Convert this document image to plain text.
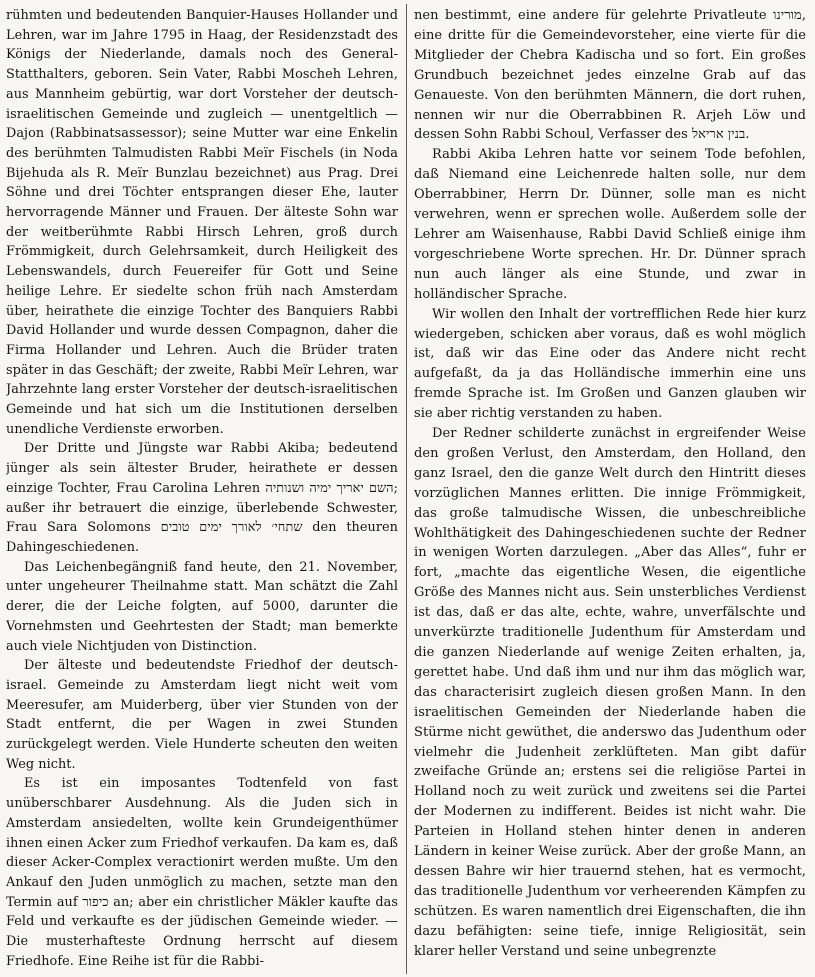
rühmten und bedeutenden Banquier-Hauses Hollander und Lehren, war im Jahre 1795 in Haag, der Residenzstadt des Königs der Niederlande, damals noch des General-Statthalters, geboren. Sein Vater, Rabbi Moscheh Lehren, aus Mannheim gebürtig, war dort Vorsteher der deutsch-israelitischen Gemeinde und zugleich — unentgeltlich — Dajon (Rabbinatsassessor); seine Mutter war eine Enkelin des berühmten Talmudisten Rabbi Meïr Fischels (in Noda Bijehuda als R. Meïr Bunzlau bezeichnet) aus Prag. Drei Söhne und drei Töchter entsprangen dieser Ehe, lauter hervorragende Männer und Frauen. Der älteste Sohn war der weitberühmte Rabbi Hirsch Lehren, groß durch Frömmigkeit, durch Gelehrsamkeit, durch Heiligkeit des Lebenswandels, durch Feuereifer für Gott und Seine heilige Lehre. Er siedelte schon früh nach Amsterdam über, heirathete die einzige Tochter des Banquiers Rabbi David Hollander und wurde dessen Compagnon, daher die Firma Hollander und Lehren. Auch die Brüder traten später in das Geschäft; der zweite, Rabbi Meïr Lehren, war Jahrzehnte lang erster Vorsteher der deutsch-israelitischen Gemeinde und hat sich um die Institutionen derselben unendliche Verdienste erworben.

Der Dritte und Jüngste war Rabbi Akiba; bedeutend jünger als sein ältester Bruder, heirathete er dessen einzige Tochter, Frau Carolina Lehren השם יאריך ימיה ושנותיה; außer ihr betrauert die einzige, überlebende Schwester, Frau Sara Solomons שתחי׳ לאורך ימים טובים den theuren Dahingeschiedenen.

Das Leichenbegängniß fand heute, den 21. November, unter ungeheurer Theilnahme statt. Man schätzt die Zahl derer, die der Leiche folgten, auf 5000, darunter die Vornehmsten und Geehrtesten der Stadt; man bemerkte auch viele Nichtjuden von Distinction.

Der älteste und bedeutendste Friedhof der deutsch-israel. Gemeinde zu Amsterdam liegt nicht weit vom Meeresufer, am Muiderberg, über vier Stunden von der Stadt entfernt, die per Wagen in zwei Stunden zurückgelegt werden. Viele Hunderte scheuten den weiten Weg nicht.

Es ist ein imposantes Todtenfeld von fast unüberschbarer Ausdehnung. Als die Juden sich in Amsterdam ansiedelten, wollte kein Grundeigenthümer ihnen einen Acker zum Friedhof verkaufen. Da kam es, daß dieser Acker-Complex veractionirt werden mußte. Um den Ankauf den Juden unmöglich zu machen, setzte man den Termin auf כיפור an; aber ein christlicher Mäkler kaufte das Feld und verkaufte es der jüdischen Gemeinde wieder. — Die musterhafteste Ordnung herrscht auf diesem Friedhofe. Eine Reihe ist für die Rabbi-

nen bestimmt, eine andere für gelehrte Privatleute מורינו, eine dritte für die Gemeindevorsteher, eine vierte für die Mitglieder der Chebra Kadischa und so fort. Ein großes Grundbuch bezeichnet jedes einzelne Grab auf das Genaueste. Von den berühmten Männern, die dort ruhen, nennen wir nur die Oberrabbinen R. Arjeh Löw und dessen Sohn Rabbi Schoul, Verfasser des בנין אריאל.

Rabbi Akiba Lehren hatte vor seinem Tode befohlen, daß Niemand eine Leichenrede halten solle, nur dem Oberrabbiner, Herrn Dr. Dünner, solle man es nicht verwehren, wenn er sprechen wolle. Außerdem solle der Lehrer am Waisenhause, Rabbi David Schließ einige ihm vorgeschriebene Worte sprechen. Hr. Dr. Dünner sprach nun auch länger als eine Stunde, und zwar in holländischer Sprache.

Wir wollen den Inhalt der vortrefflichen Rede hier kurz wiedergeben, schicken aber voraus, daß es wohl möglich ist, daß wir das Eine oder das Andere nicht recht aufgefaßt, da ja das Holländische immerhin eine uns fremde Sprache ist. Im Großen und Ganzen glauben wir sie aber richtig verstanden zu haben.

Der Redner schilderte zunächst in ergreifender Weise den großen Verlust, den Amsterdam, den Holland, den ganz Israel, den die ganze Welt durch den Hintritt dieses vorzüglichen Mannes erlitten. Die innige Frömmigkeit, das große talmudische Wissen, die unbeschreibliche Wohlthätigkeit des Dahingeschiedenen suchte der Redner in wenigen Worten darzulegen. „Aber das Alles“, fuhr er fort, „machte das eigentliche Wesen, die eigentliche Größe des Mannes nicht aus. Sein unsterbliches Verdienst ist das, daß er das alte, echte, wahre, unverfälschte und unverkürzte traditionelle Judenthum für Amsterdam und die ganzen Niederlande auf wenige Zeiten erhalten, ja, gerettet habe. Und daß ihm und nur ihm das möglich war, das characterisirt zugleich diesen großen Mann. In den israelitischen Gemeinden der Niederlande haben die Stürme nicht gewüthet, die anderswo das Judenthum oder vielmehr die Judenheit zerklüfteten. Man gibt dafür zweifache Gründe an; erstens sei die religiöse Partei in Holland noch zu weit zurück und zweitens sei die Partei der Modernen zu indifferent. Beides ist nicht wahr. Die Parteien in Holland stehen hinter denen in anderen Ländern in keiner Weise zurück. Aber der große Mann, an dessen Bahre wir hier trauernd stehen, hat es vermocht, das traditionelle Judenthum vor verheerenden Kämpfen zu schützen. Es waren namentlich drei Eigenschaften, die ihn dazu befähigten: seine tiefe, innige Religiosität, sein klarer heller Verstand und seine unbegrenzte
